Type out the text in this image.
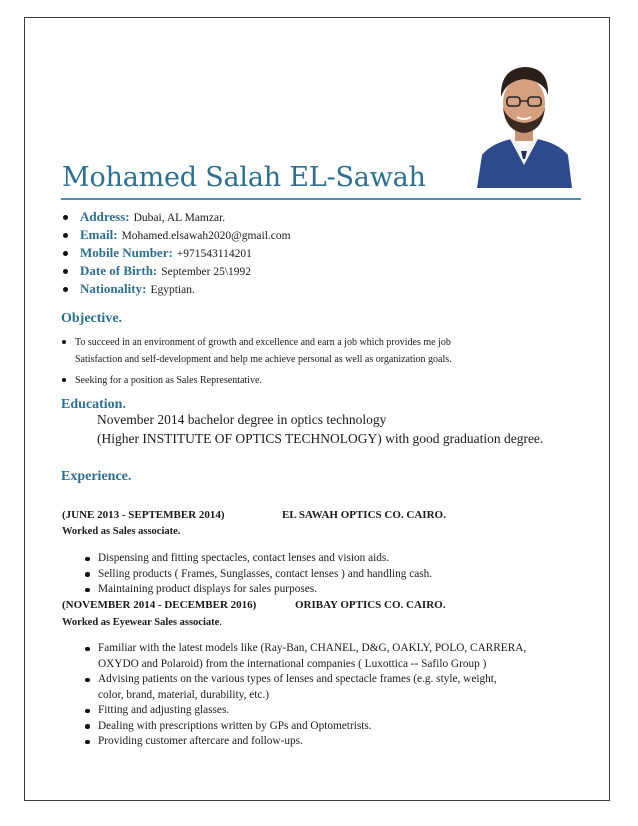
Mohamed Salah EL-Sawah
Address: Dubai, AL Mamzar.
Email: Mohamed.elsawah2020@gmail.com
Mobile Number: +971543114201
Date of Birth: September 25\1992
Nationality: Egyptian.
Objective.
To succeed in an environment of growth and excellence and earn a job which provides me job
Satisfaction and self-development and help me achieve personal as well as organization goals.
Seeking for a position as Sales Representative.
Education.
November 2014 bachelor degree in optics technology
(Higher INSTITUTE OF OPTICS TECHNOLOGY) with good graduation degree.
Experience.
(JUNE 2013 - SEPTEMBER 2014)	EL SAWAH OPTICS CO. CAIRO.
Worked as Sales associate.
Dispensing and fitting spectacles, contact lenses and vision aids.
Selling products ( Frames, Sunglasses, contact lenses ) and handling cash.
Maintaining product displays for sales purposes.
(NOVEMBER 2014 - DECEMBER 2016)	ORIBAY OPTICS CO. CAIRO.
Worked as Eyewear Sales associate.
Familiar with the latest models like (Ray-Ban, CHANEL, D&G, OAKLY, POLO, CARRERA,
OXYDO and Polaroid) from the international companies ( Luxottica -- Safilo Group )
Advising patients on the various types of lenses and spectacle frames (e.g. style, weight,
color, brand, material, durability, etc.)
Fitting and adjusting glasses.
Dealing with prescriptions written by GPs and Optometrists.
Providing customer aftercare and follow-ups.
